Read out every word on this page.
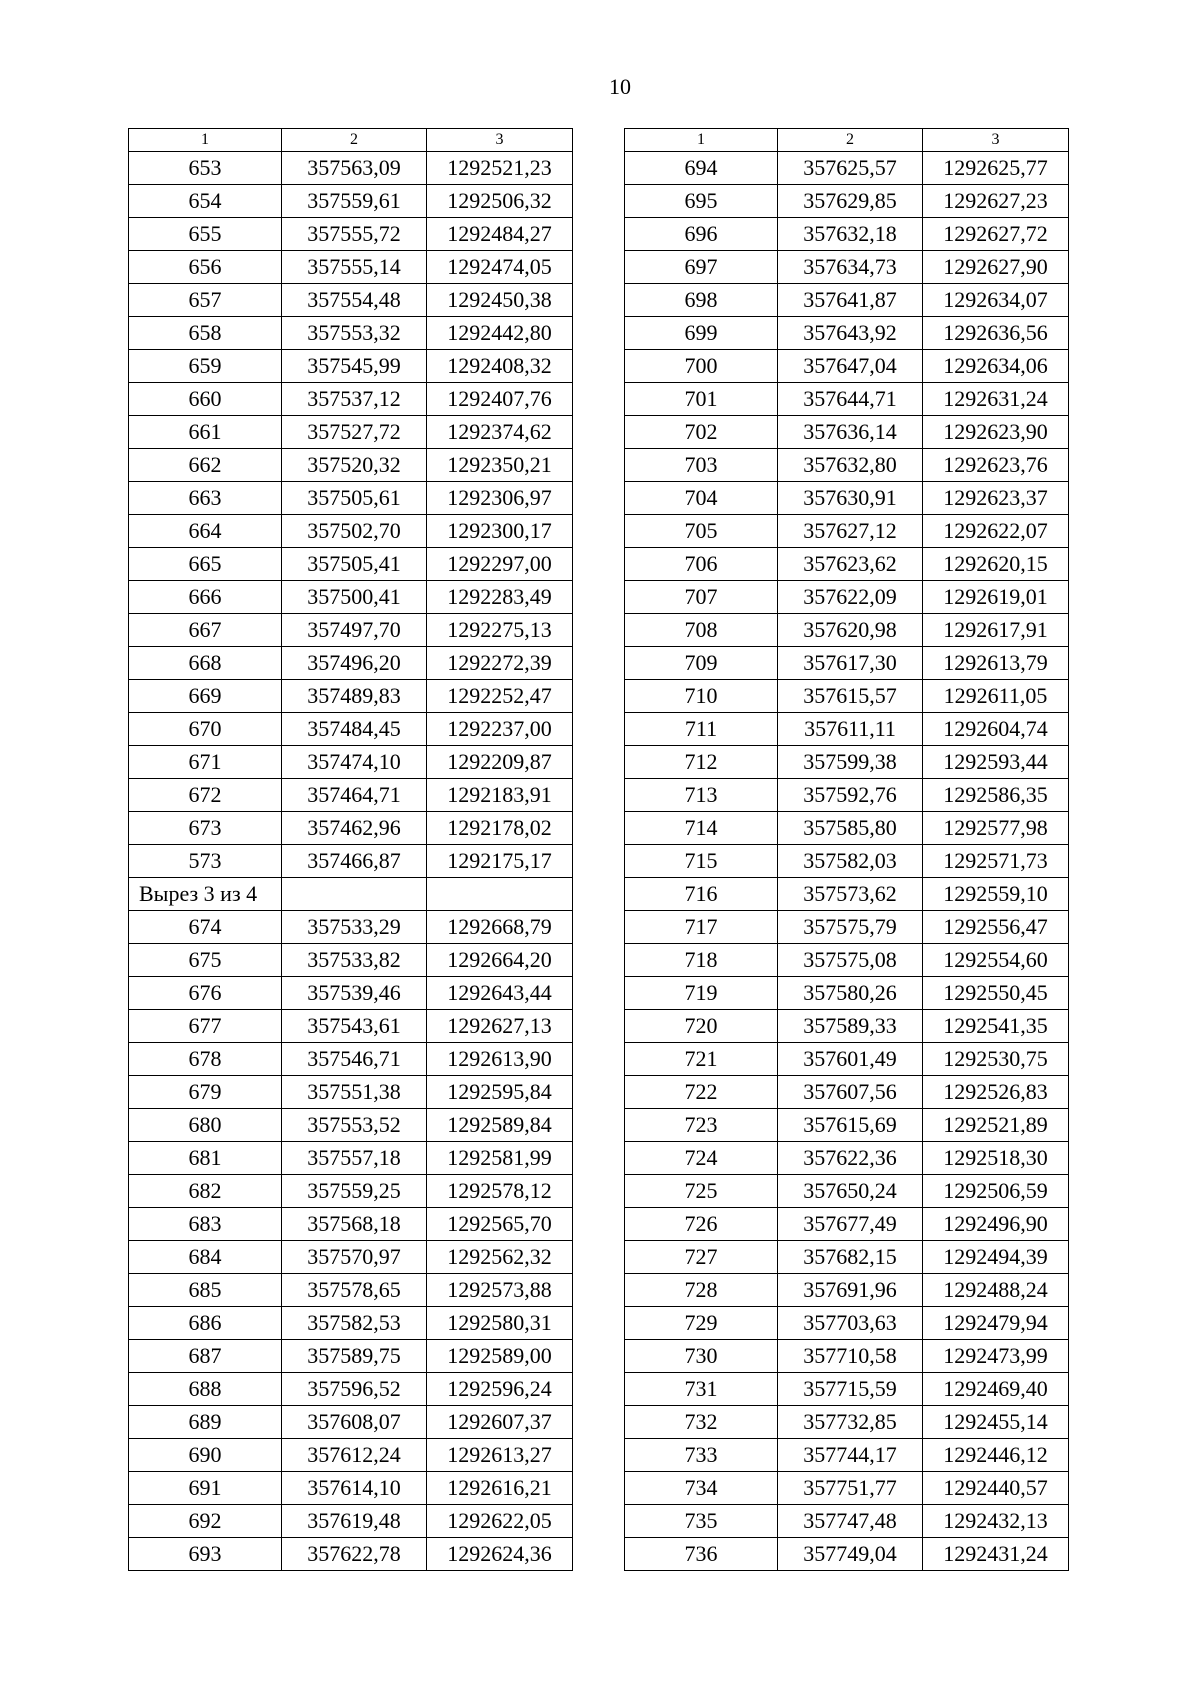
10
1	2	3
653	357563,09	1292521,23
654	357559,61	1292506,32
655	357555,72	1292484,27
656	357555,14	1292474,05
657	357554,48	1292450,38
658	357553,32	1292442,80
659	357545,99	1292408,32
660	357537,12	1292407,76
661	357527,72	1292374,62
662	357520,32	1292350,21
663	357505,61	1292306,97
664	357502,70	1292300,17
665	357505,41	1292297,00
666	357500,41	1292283,49
667	357497,70	1292275,13
668	357496,20	1292272,39
669	357489,83	1292252,47
670	357484,45	1292237,00
671	357474,10	1292209,87
672	357464,71	1292183,91
673	357462,96	1292178,02
573	357466,87	1292175,17
Вырез 3 из 4		
674	357533,29	1292668,79
675	357533,82	1292664,20
676	357539,46	1292643,44
677	357543,61	1292627,13
678	357546,71	1292613,90
679	357551,38	1292595,84
680	357553,52	1292589,84
681	357557,18	1292581,99
682	357559,25	1292578,12
683	357568,18	1292565,70
684	357570,97	1292562,32
685	357578,65	1292573,88
686	357582,53	1292580,31
687	357589,75	1292589,00
688	357596,52	1292596,24
689	357608,07	1292607,37
690	357612,24	1292613,27
691	357614,10	1292616,21
692	357619,48	1292622,05
693	357622,78	1292624,36
1	2	3
694	357625,57	1292625,77
695	357629,85	1292627,23
696	357632,18	1292627,72
697	357634,73	1292627,90
698	357641,87	1292634,07
699	357643,92	1292636,56
700	357647,04	1292634,06
701	357644,71	1292631,24
702	357636,14	1292623,90
703	357632,80	1292623,76
704	357630,91	1292623,37
705	357627,12	1292622,07
706	357623,62	1292620,15
707	357622,09	1292619,01
708	357620,98	1292617,91
709	357617,30	1292613,79
710	357615,57	1292611,05
711	357611,11	1292604,74
712	357599,38	1292593,44
713	357592,76	1292586,35
714	357585,80	1292577,98
715	357582,03	1292571,73
716	357573,62	1292559,10
717	357575,79	1292556,47
718	357575,08	1292554,60
719	357580,26	1292550,45
720	357589,33	1292541,35
721	357601,49	1292530,75
722	357607,56	1292526,83
723	357615,69	1292521,89
724	357622,36	1292518,30
725	357650,24	1292506,59
726	357677,49	1292496,90
727	357682,15	1292494,39
728	357691,96	1292488,24
729	357703,63	1292479,94
730	357710,58	1292473,99
731	357715,59	1292469,40
732	357732,85	1292455,14
733	357744,17	1292446,12
734	357751,77	1292440,57
735	357747,48	1292432,13
736	357749,04	1292431,24
